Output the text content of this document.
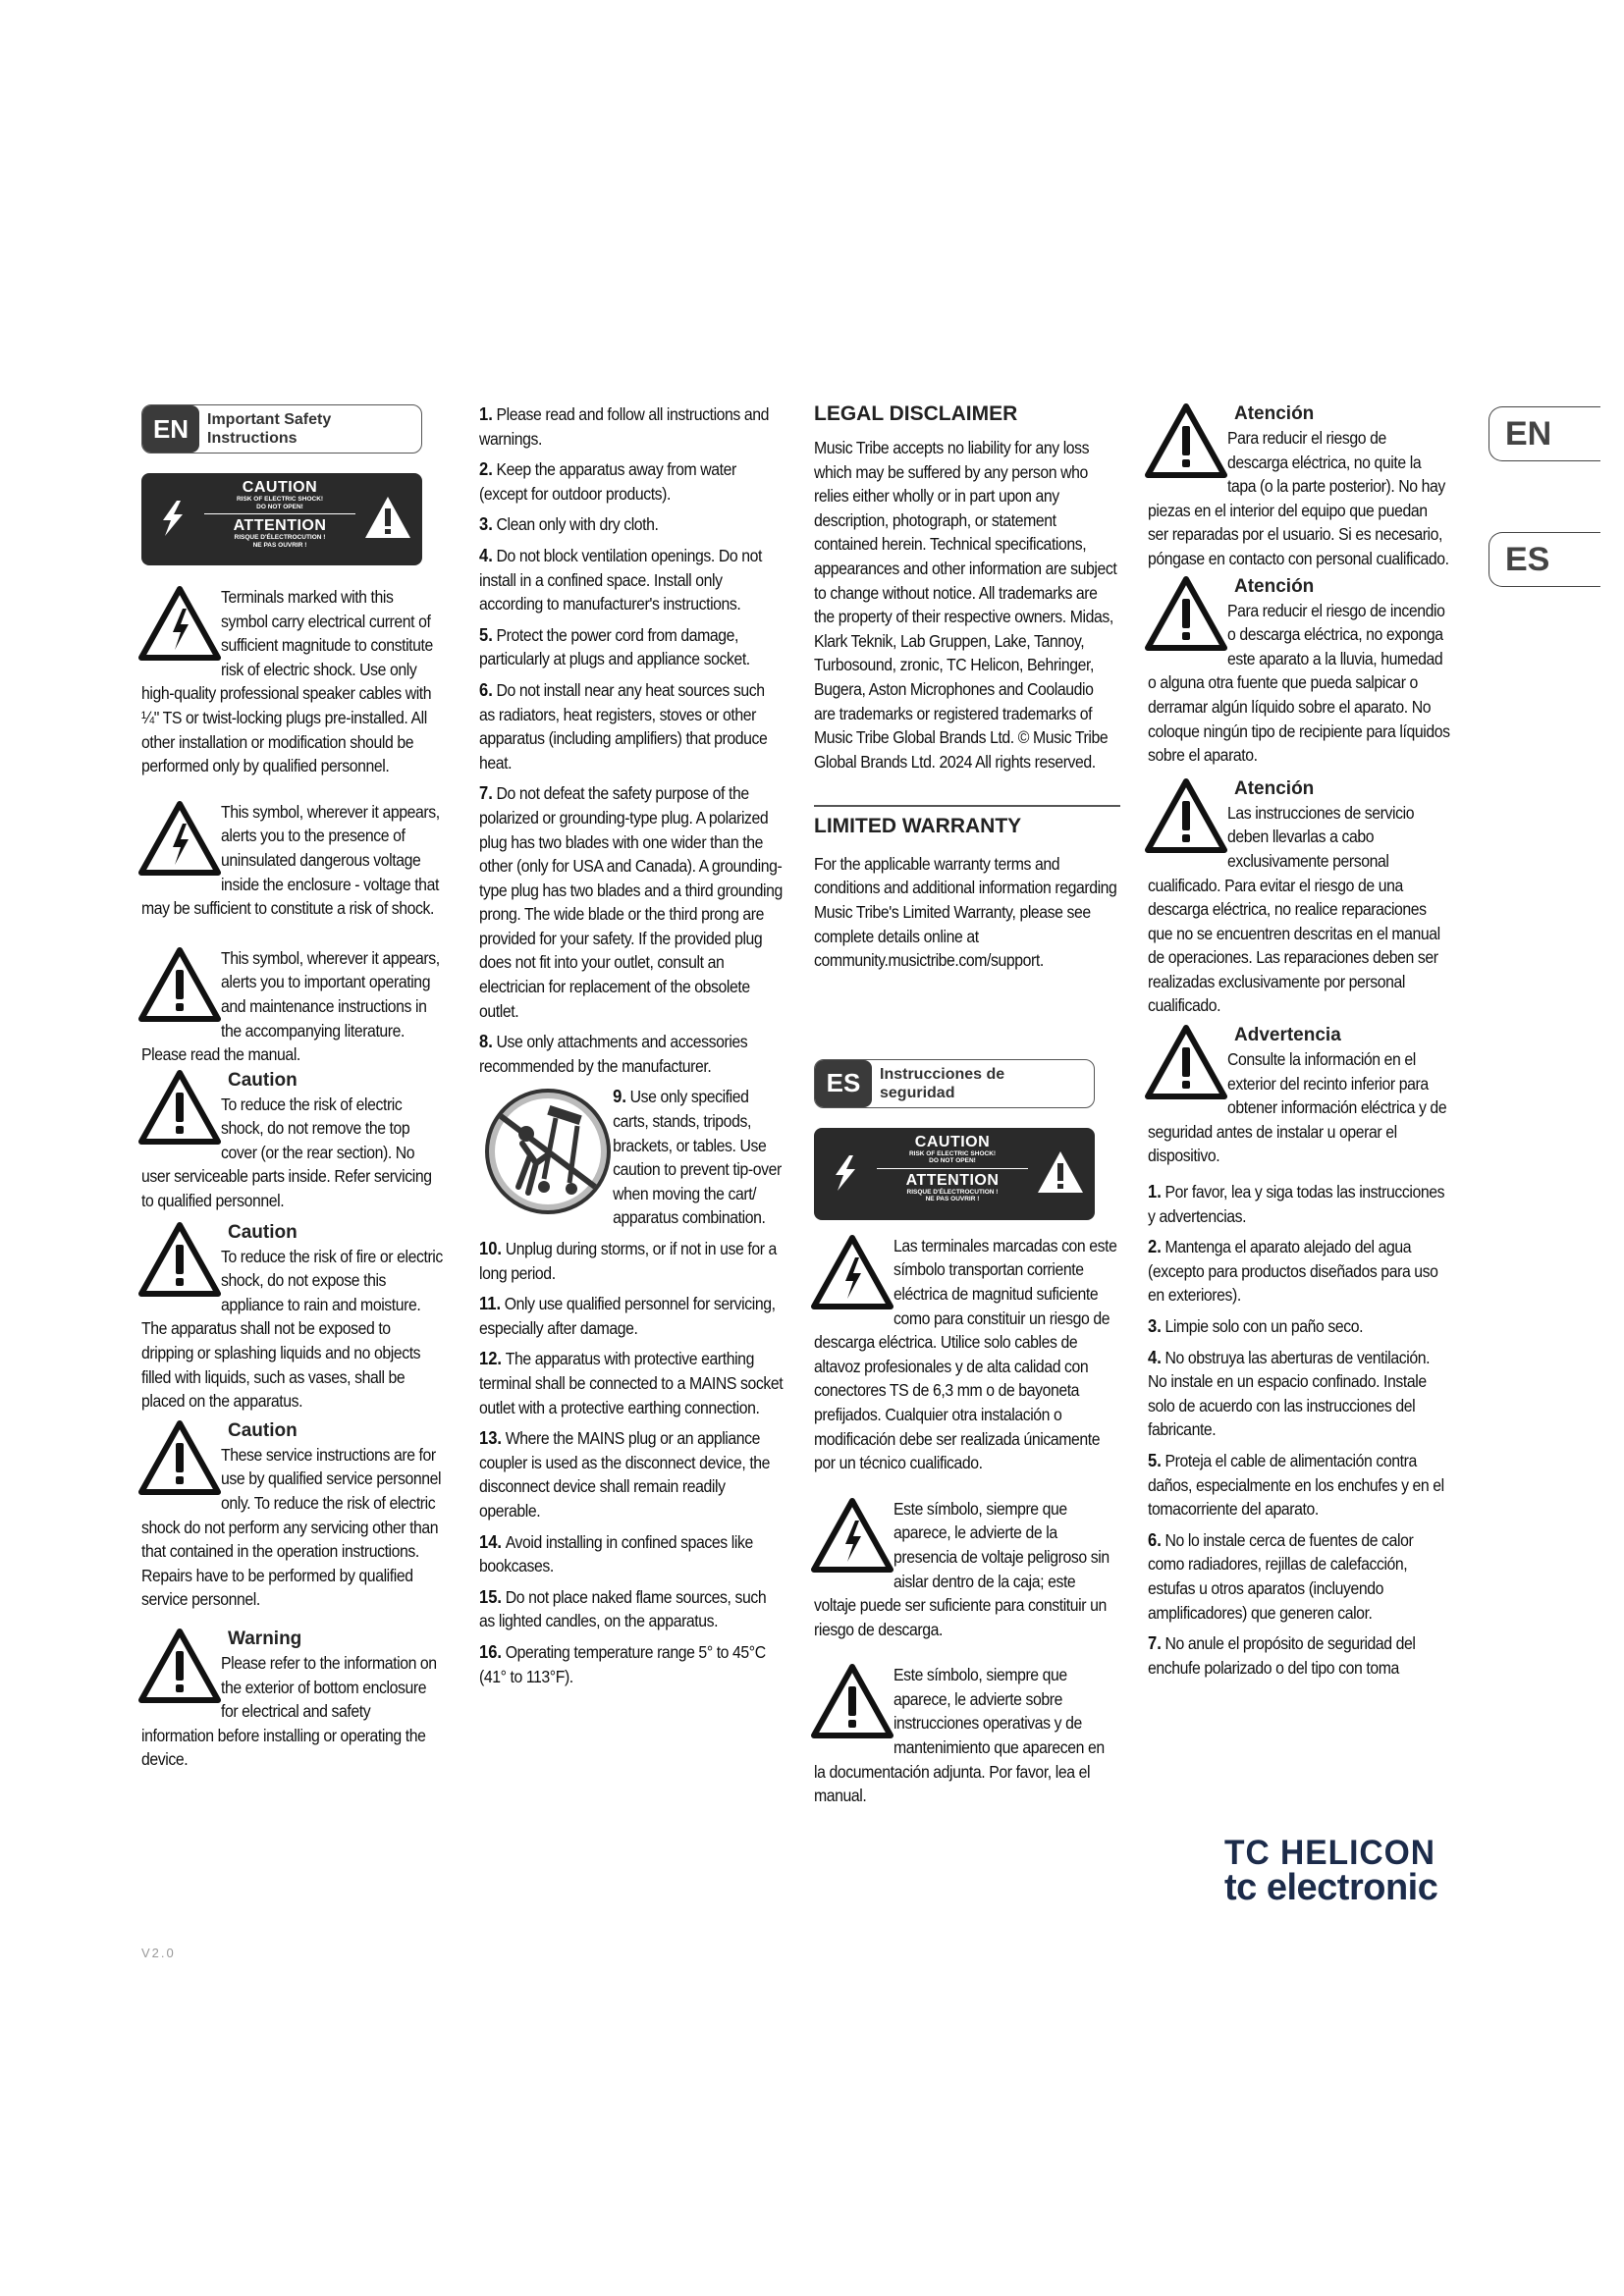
EN	Important Safety Instructions
CAUTION
RISK OF ELECTRIC SHOCK!
DO NOT OPEN!
ATTENTION
RISQUE D'ÉLECTROCUTION !
NE PAS OUVRIR !

Terminals marked with this symbol carry electrical current of sufficient magnitude to constitute risk of electric shock. Use only high-quality professional speaker cables with ¼" TS or twist-locking plugs pre-installed. All other installation or modification should be performed only by qualified personnel.

This symbol, wherever it appears, alerts you to the presence of uninsulated dangerous voltage inside the enclosure - voltage that may be sufficient to constitute a risk of shock.

This symbol, wherever it appears, alerts you to important operating and maintenance instructions in the accompanying literature. Please read the manual.

Caution

To reduce the risk of electric shock, do not remove the top cover (or the rear section). No user serviceable parts inside. Refer servicing to qualified personnel.

Caution

To reduce the risk of fire or electric shock, do not expose this appliance to rain and moisture. The apparatus shall not be exposed to dripping or splashing liquids and no objects filled with liquids, such as vases, shall be placed on the apparatus.

Caution

These service instructions are for use by qualified service personnel only. To reduce the risk of electric shock do not perform any servicing other than that contained in the operation instructions. Repairs have to be performed by qualified service personnel.

Warning

Please refer to the information on the exterior of bottom enclosure for electrical and safety information before installing or operating the device.

1. Please read and follow all instructions and warnings.

2. Keep the apparatus away from water (except for outdoor products).

3. Clean only with dry cloth.

4. Do not block ventilation openings. Do not install in a confined space. Install only according to manufacturer's instructions.

5. Protect the power cord from damage, particularly at plugs and appliance socket.

6. Do not install near any heat sources such as radiators, heat registers, stoves or other apparatus (including amplifiers) that produce heat.

7. Do not defeat the safety purpose of the polarized or grounding-type plug. A polarized plug has two blades with one wider than the other (only for USA and Canada). A grounding-type plug has two blades and a third grounding prong. The wide blade or the third prong are provided for your safety. If the provided plug does not fit into your outlet, consult an electrician for replacement of the obsolete outlet.

8. Use only attachments and accessories recommended by the manufacturer.

9. Use only specified carts, stands, tripods, brackets, or tables. Use caution to prevent tip-over when moving the cart/ apparatus combination.

10. Unplug during storms, or if not in use for a long period.

11. Only use qualified personnel for servicing, especially after damage.

12. The apparatus with protective earthing terminal shall be connected to a MAINS socket outlet with a protective earthing connection.

13. Where the MAINS plug or an appliance coupler is used as the disconnect device, the disconnect device shall remain readily operable.

14. Avoid installing in confined spaces like bookcases.

15. Do not place naked flame sources, such as lighted candles, on the apparatus.

16. Operating temperature range 5° to 45°C (41° to 113°F).

LEGAL DISCLAIMER

Music Tribe accepts no liability for any loss which may be suffered by any person who relies either wholly or in part upon any description, photograph, or statement contained herein. Technical specifications, appearances and other information are subject to change without notice. All trademarks are the property of their respective owners. Midas, Klark Teknik, Lab Gruppen, Lake, Tannoy, Turbosound, zronic, TC Helicon, Behringer, Bugera, Aston Microphones and Coolaudio are trademarks or registered trademarks of Music Tribe Global Brands Ltd. © Music Tribe Global Brands Ltd. 2024 All rights reserved.

LIMITED WARRANTY

For the applicable warranty terms and conditions and additional information regarding Music Tribe's Limited Warranty, please see complete details online at community.musictribe.com/support.

ES	Instrucciones de seguridad
CAUTION
RISK OF ELECTRIC SHOCK!
DO NOT OPEN!
ATTENTION
RISQUE D'ÉLECTROCUTION !
NE PAS OUVRIR !

Las terminales marcadas con este símbolo transportan corriente eléctrica de magnitud suficiente como para constituir un riesgo de descarga eléctrica. Utilice solo cables de altavoz profesionales y de alta calidad con conectores TS de 6,3 mm o de bayoneta prefijados. Cualquier otra instalación o modificación debe ser realizada únicamente por un técnico cualificado.

Este símbolo, siempre que aparece, le advierte de la presencia de voltaje peligroso sin aislar dentro de la caja; este voltaje puede ser suficiente para constituir un riesgo de descarga.

Este símbolo, siempre que aparece, le advierte sobre instrucciones operativas y de mantenimiento que aparecen en la documentación adjunta. Por favor, lea el manual.

Atención

Para reducir el riesgo de descarga eléctrica, no quite la tapa (o la parte posterior). No hay piezas en el interior del equipo que puedan ser reparadas por el usuario. Si es necesario, póngase en contacto con personal cualificado.

Atención

Para reducir el riesgo de incendio o descarga eléctrica, no exponga este aparato a la lluvia, humedad o alguna otra fuente que pueda salpicar o derramar algún líquido sobre el aparato. No coloque ningún tipo de recipiente para líquidos sobre el aparato.

Atención

Las instrucciones de servicio deben llevarlas a cabo exclusivamente personal cualificado. Para evitar el riesgo de una descarga eléctrica, no realice reparaciones que no se encuentren descritas en el manual de operaciones. Las reparaciones deben ser realizadas exclusivamente por personal cualificado.

Advertencia

Consulte la información en el exterior del recinto inferior para obtener información eléctrica y de seguridad antes de instalar u operar el dispositivo.

1. Por favor, lea y siga todas las instrucciones y advertencias.

2. Mantenga el aparato alejado del agua (excepto para productos diseñados para uso en exteriores).

3. Limpie solo con un paño seco.

4. No obstruya las aberturas de ventilación. No instale en un espacio confinado. Instale solo de acuerdo con las instrucciones del fabricante.

5. Proteja el cable de alimentación contra daños, especialmente en los enchufes y en el tomacorriente del aparato.

6. No lo instale cerca de fuentes de calor como radiadores, rejillas de calefacción, estufas u otros aparatos (incluyendo amplificadores) que generen calor.

7. No anule el propósito de seguridad del enchufe polarizado o del tipo con toma

EN
ES
TC HELICON
tc electronic
V2.0
